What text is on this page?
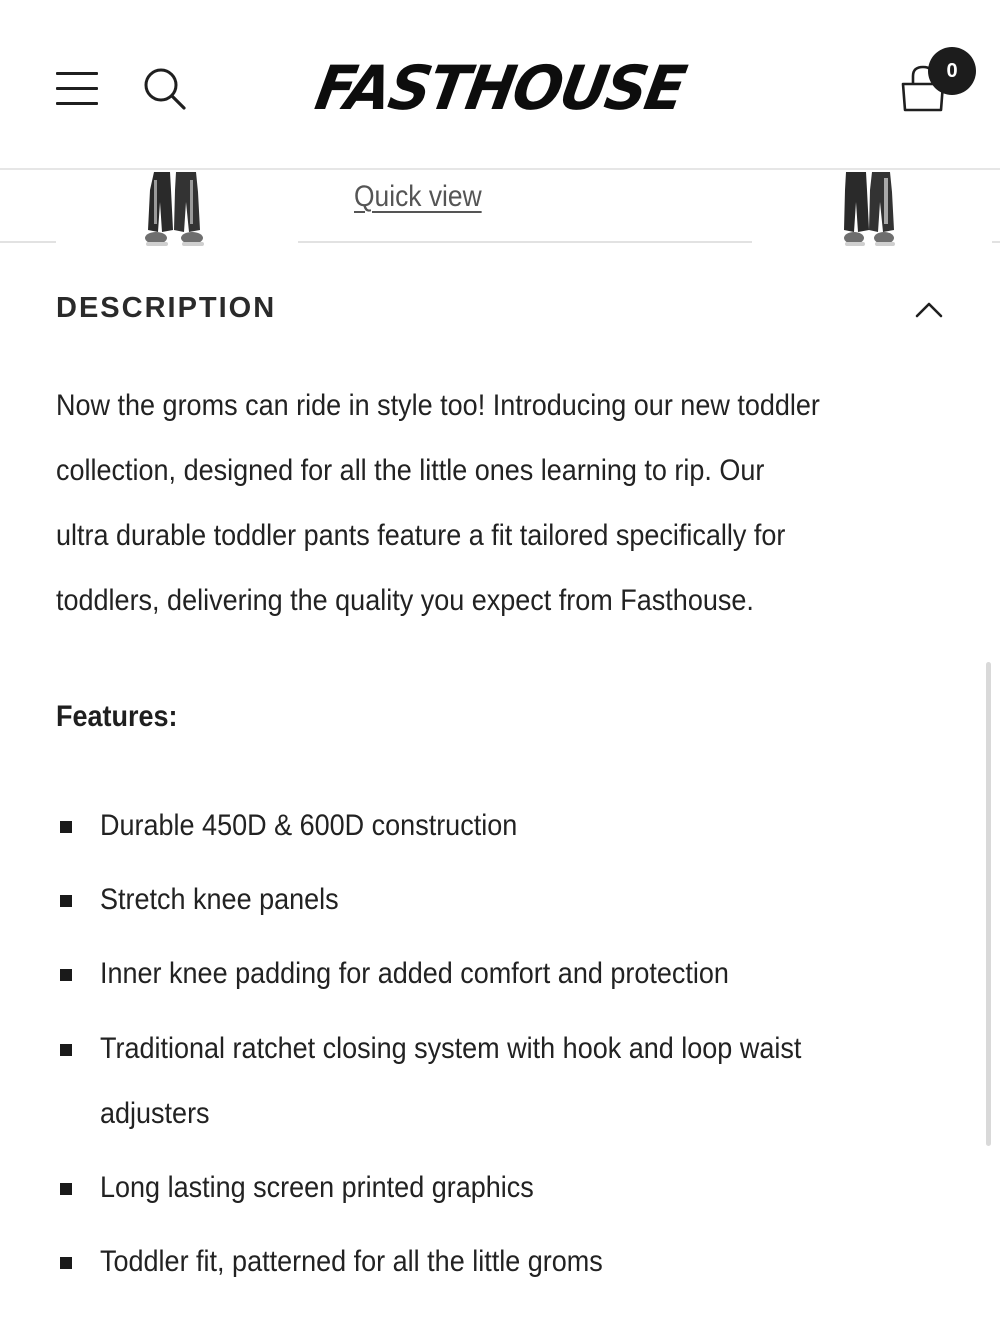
FASTHOUSE	0
Quick view
DESCRIPTION

Now the groms can ride in style too! Introducing our new toddler

collection, designed for all the little ones learning to rip. Our

ultra durable toddler pants feature a fit tailored specifically for

toddlers, delivering the quality you expect from Fasthouse.

Features:
Durable 450D & 600D construction
Stretch knee panels
Inner knee padding for added comfort and protection
Traditional ratchet closing system with hook and loop waist
adjusters
Long lasting screen printed graphics
Toddler fit, patterned for all the little groms
